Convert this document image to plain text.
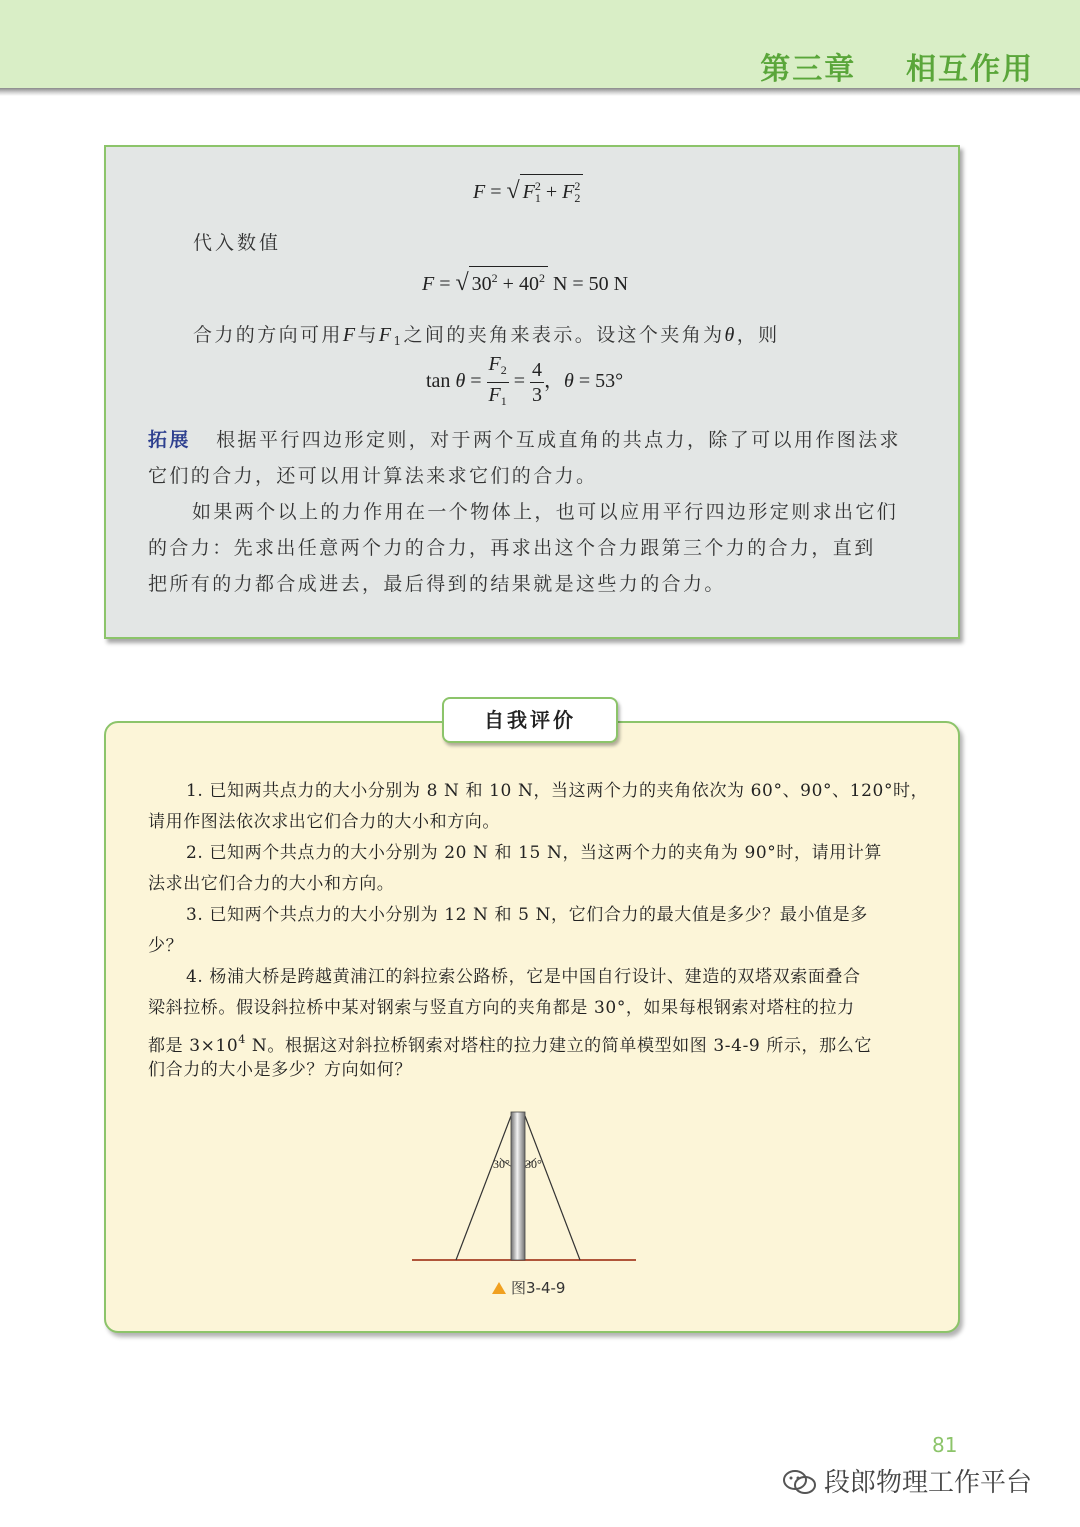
第三章    相互作用
F = √ $F^2_1 + F^2_2$
代入数值
F = √ $30^2 + 40^2$ N = 50 N
合力的方向可用F与$F_1$之间的夹角来表示。设这个夹角为θ，则
$\tan \theta = \frac{F_2}{F_1} = \frac{4}{3}$ ，θ = 53°
拓展 根据平行四边形定则，对于两个互成直角的共点力，除了可以用作图法求
它们的合力，还可以用计算法来求它们的合力。
如果两个以上的力作用在一个物体上，也可以应用平行四边形定则求出它们
的合力：先求出任意两个力的合力，再求出这个合力跟第三个力的合力，直到
把所有的力都合成进去，最后得到的结果就是这些力的合力。
自我评价
1. 已知两共点力的大小分别为 8 N 和 10 N，当这两个力的夹角依次为 60°、90°、120°时，
请用作图法依次求出它们合力的大小和方向。
2. 已知两个共点力的大小分别为 20 N 和 15 N，当这两个力的夹角为 90°时，请用计算
法求出它们合力的大小和方向。
3. 已知两个共点力的大小分别为 12 N 和 5 N，它们合力的最大值是多少？最小值是多
少？
4. 杨浦大桥是跨越黄浦江的斜拉索公路桥，它是中国自行设计、建造的双塔双索面叠合
梁斜拉桥。假设斜拉桥中某对钢索与竖直方向的夹角都是 30°，如果每根钢索对塔柱的拉力
都是 $3\times 10^4$ N。根据这对斜拉桥钢索对塔柱的拉力建立的简单模型如图 3-4-9 所示，那么它
们合力的大小是多少？方向如何？
30° 30°
图3-4-9
81
段郎物理工作平台
